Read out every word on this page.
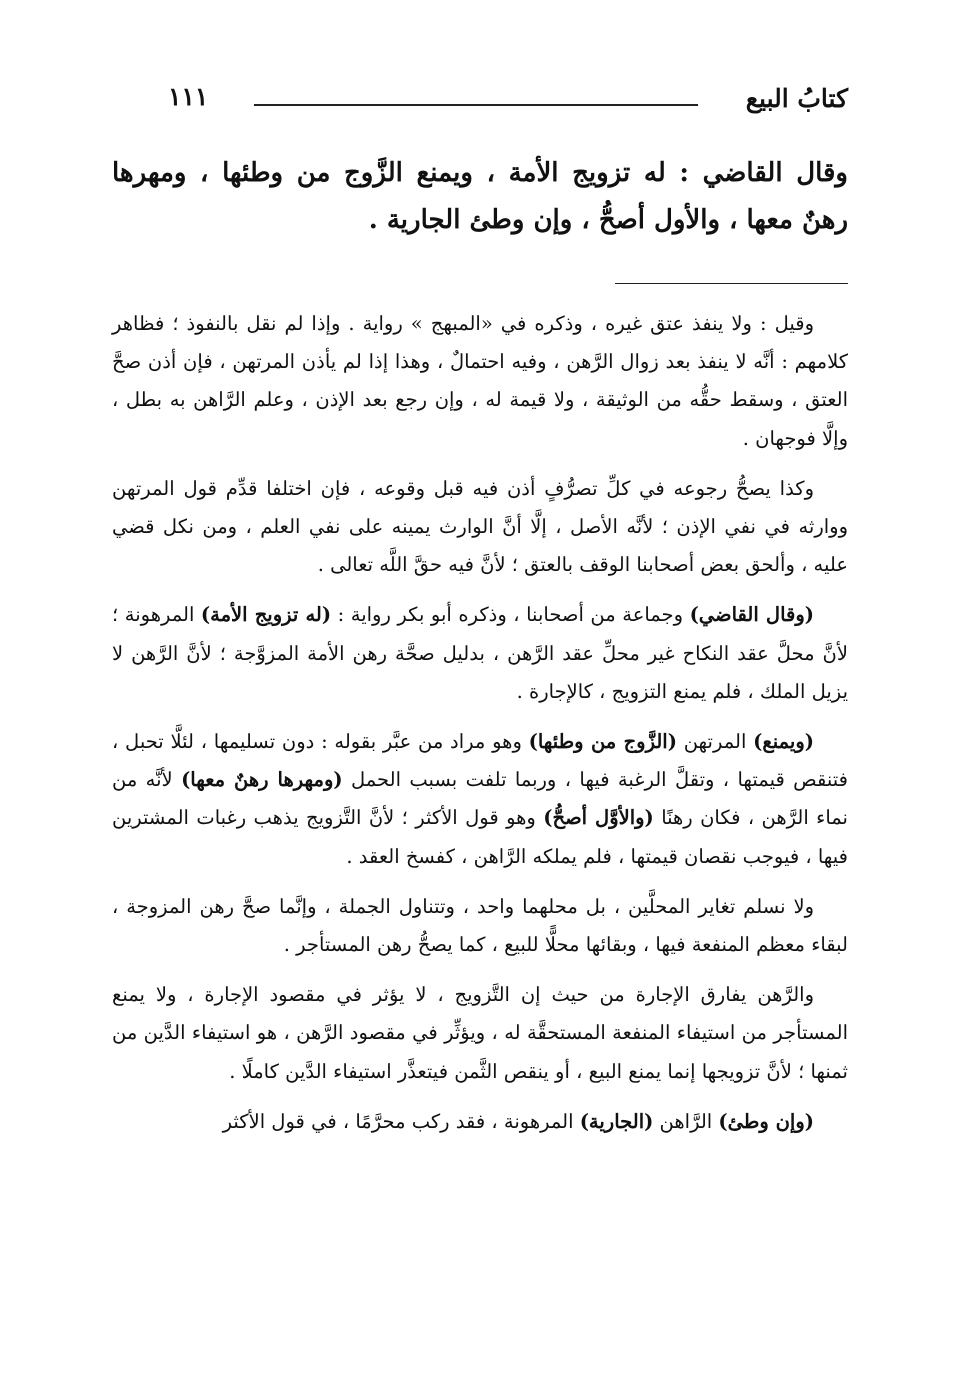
كتابُ البيع
١١١
وقال القاضي : له تزويج الأمة ، ويمنع الزَّوج من وطئها ، ومهرها رهنٌ معها ، والأول أصحُّ ، وإن وطئ الجارية .

وقيل : ولا ينفذ عتق غيره ، وذكره في «المبهج » رواية . وإذا لم نقل بالنفوذ ؛ فظاهر كلامهم : أنَّه لا ينفذ بعد زوال الرَّهن ، وفيه احتمالٌ ، وهذا إذا لم يأذن المرتهن ، فإن أذن صحَّ العتق ، وسقط حقُّه من الوثيقة ، ولا قيمة له ، وإن رجع بعد الإذن ، وعلم الرَّاهن به بطل ، وإلَّا فوجهان .

وكذا يصحُّ رجوعه في كلِّ تصرُّفٍ أذن فيه قبل وقوعه ، فإن اختلفا قدِّم قول المرتهن ووارثه في نفي الإذن ؛ لأنَّه الأصل ، إلَّا أنَّ الوارث يمينه على نفي العلم ، ومن نكل قضي عليه ، وألحق بعض أصحابنا الوقف بالعتق ؛ لأنَّ فيه حقَّ اللَّه تعالى .

(وقال القاضي) وجماعة من أصحابنا ، وذكره أبو بكر رواية : (له تزويج الأمة) المرهونة ؛ لأنَّ محلَّ عقد النكاح غير محلِّ عقد الرَّهن ، بدليل صحَّة رهن الأمة المزوَّجة ؛ لأنَّ الرَّهن لا يزيل الملك ، فلم يمنع التزويج ، كالإجارة .

(ويمنع) المرتهن (الزَّوج من وطئها) وهو مراد من عبَّر بقوله : دون تسليمها ، لئلَّا تحبل ، فتنقص قيمتها ، وتقلَّ الرغبة فيها ، وربما تلفت بسبب الحمل (ومهرها رهنٌ معها) لأنَّه من نماء الرَّهن ، فكان رهنًا (والأوَّل أصحُّ) وهو قول الأكثر ؛ لأنَّ التَّزويج يذهب رغبات المشترين فيها ، فيوجب نقصان قيمتها ، فلم يملكه الرَّاهن ، كفسخ العقد .

ولا نسلم تغاير المحلَّين ، بل محلهما واحد ، وتتناول الجملة ، وإنَّما صحَّ رهن المزوجة ، لبقاء معظم المنفعة فيها ، وبقائها محلًّا للبيع ، كما يصحُّ رهن المستأجر .

والرَّهن يفارق الإجارة من حيث إن التَّزويج ، لا يؤثر في مقصود الإجارة ، ولا يمنع المستأجر من استيفاء المنفعة المستحقَّة له ، ويؤثِّر في مقصود الرَّهن ، هو استيفاء الدَّين من ثمنها ؛ لأنَّ تزويجها إنما يمنع البيع ، أو ينقص الثَّمن فيتعذَّر استيفاء الدَّين كاملًا .

(وإن وطئ) الرَّاهن (الجارية) المرهونة ، فقد ركب محرَّمًا ، في قول الأكثر
